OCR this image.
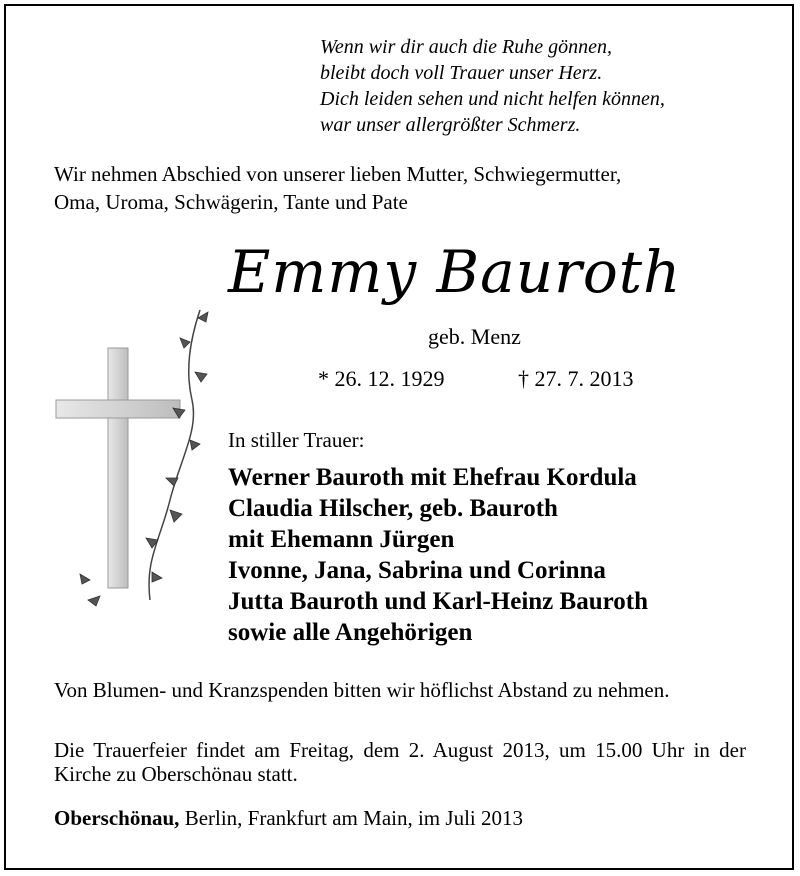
Wenn wir dir auch die Ruhe gönnen,
bleibt doch voll Trauer unser Herz.
Dich leiden sehen und nicht helfen können,
war unser allergrößter Schmerz.
Wir nehmen Abschied von unserer lieben Mutter, Schwiegermutter,
Oma, Uroma, Schwägerin, Tante und Pate
Emmy Bauroth
geb. Menz
* 26. 12. 1929	† 27. 7. 2013
In stiller Trauer:
Werner Bauroth mit Ehefrau Kordula
Claudia Hilscher, geb. Bauroth
mit Ehemann Jürgen
Ivonne, Jana, Sabrina und Corinna
Jutta Bauroth und Karl-Heinz Bauroth
sowie alle Angehörigen
Von Blumen- und Kranzspenden bitten wir höflichst Abstand zu nehmen.
Die Trauerfeier findet am Freitag, dem 2. August 2013, um 15.00 Uhr in der Kirche zu Oberschönau statt.
Oberschönau, Berlin, Frankfurt am Main, im Juli 2013
